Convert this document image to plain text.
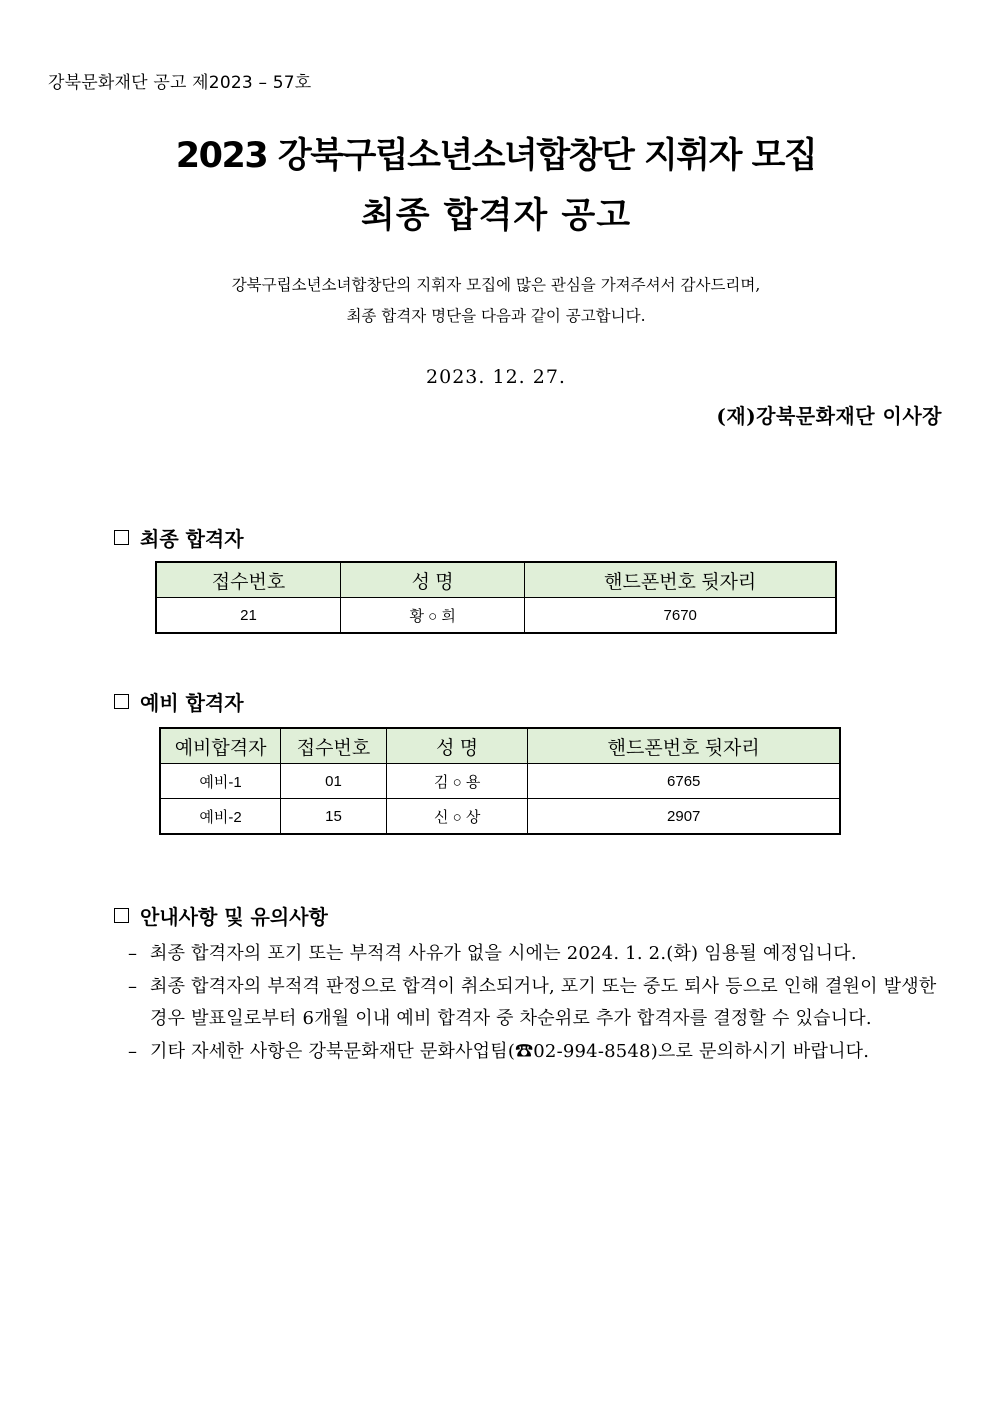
강북문화재단 공고 제2023 – 57호
2023 강북구립소년소녀합창단 지휘자 모집
최종 합격자 공고
강북구립소년소녀합창단의 지휘자 모집에 많은 관심을 가져주셔서 감사드리며,
최종 합격자 명단을 다음과 같이 공고합니다.
2023. 12. 27.
(재)강북문화재단 이사장
최종 합격자
접수번호	성 명	핸드폰번호 뒷자리
21	황 ○ 희	7670
예비 합격자
예비합격자	접수번호	성 명	핸드폰번호 뒷자리
예비-1	01	김 ○ 용	6765
예비-2	15	신 ○ 상	2907
안내사항 및 유의사항
– 최종 합격자의 포기 또는 부적격 사유가 없을 시에는 2024. 1. 2.(화) 임용될 예정입니다.
– 최종 합격자의 부적격 판정으로 합격이 취소되거나, 포기 또는 중도 퇴사 등으로 인해 결원이 발생한 경우 발표일로부터 6개월 이내 예비 합격자 중 차순위로 추가 합격자를 결정할 수 있습니다.
– 기타 자세한 사항은 강북문화재단 문화사업팀(☎02-994-8548)으로 문의하시기 바랍니다.
